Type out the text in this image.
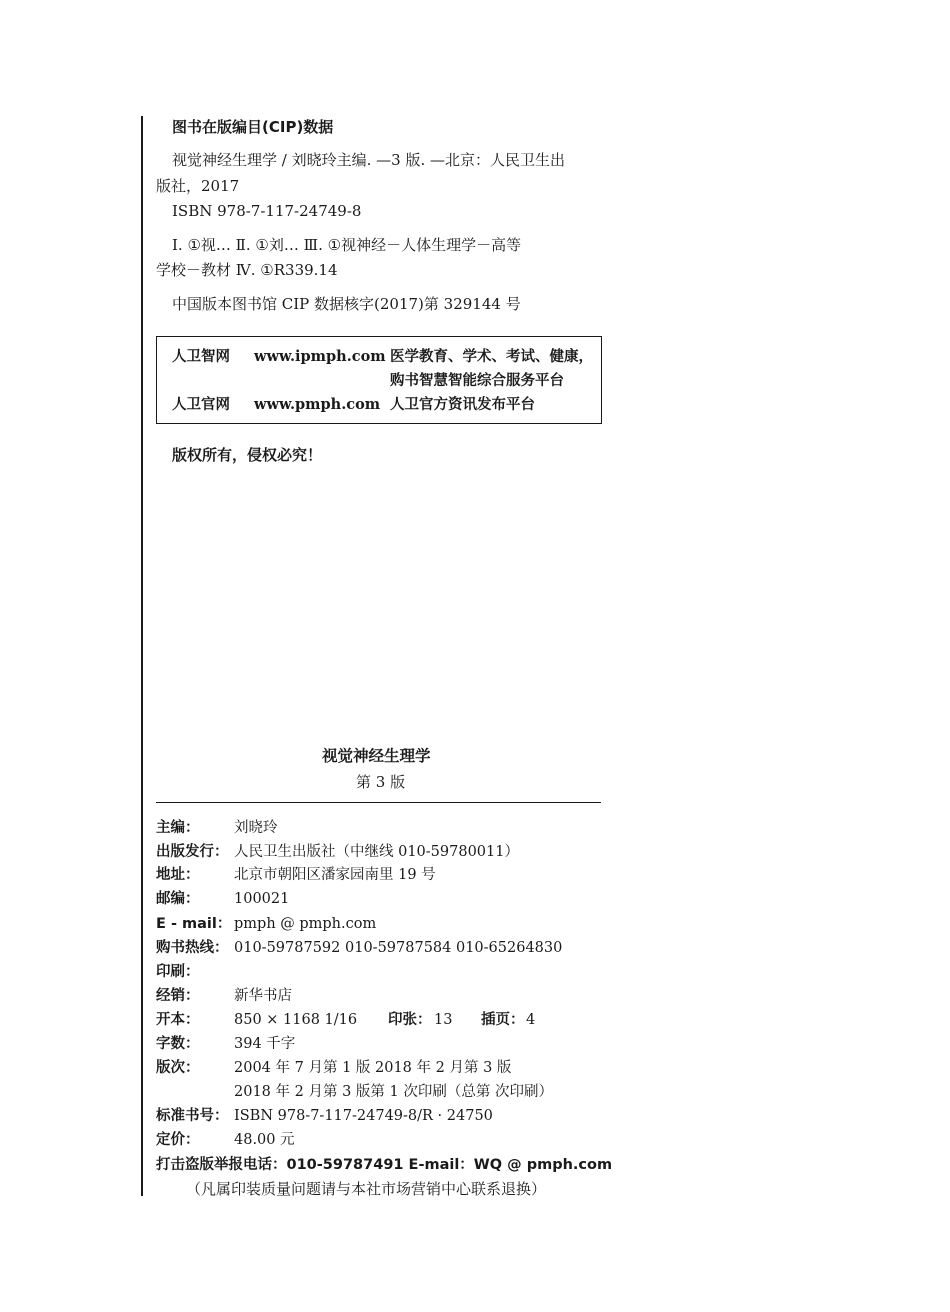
图书在版编目(CIP)数据
视觉神经生理学 / 刘晓玲主编. —3 版. —北京：人民卫生出
版社，2017
ISBN 978-7-117-24749-8
Ⅰ. ①视… Ⅱ. ①刘… Ⅲ. ①视神经－人体生理学－高等
学校－教材 Ⅳ. ①R339.14
中国版本图书馆 CIP 数据核字(2017)第 329144 号
人卫智网 www.ipmph.com 医学教育、学术、考试、健康，
购书智慧智能综合服务平台
人卫官网 www.pmph.com 人卫官方资讯发布平台
版权所有，侵权必究！
视觉神经生理学
第 3 版
主编：	刘晓玲
出版发行： 人民卫生出版社（中继线 010-59780011）
地址：	北京市朝阳区潘家园南里 19 号
邮编：	100021
E - mail： pmph @ pmph.com
购书热线： 010-59787592 010-59787584 010-65264830
印刷：
经销：	新华书店
开本：	850 × 1168 1/16 印张： 13 插页： 4
字数：	394 千字
版次：	2004 年 7 月第 1 版 2018 年 2 月第 3 版
2018 年 2 月第 3 版第 1 次印刷（总第 次印刷）
标准书号： ISBN 978-7-117-24749-8/R · 24750
定价：	48.00 元
打击盗版举报电话：010-59787491 E-mail：WQ @ pmph.com
（凡属印装质量问题请与本社市场营销中心联系退换）
